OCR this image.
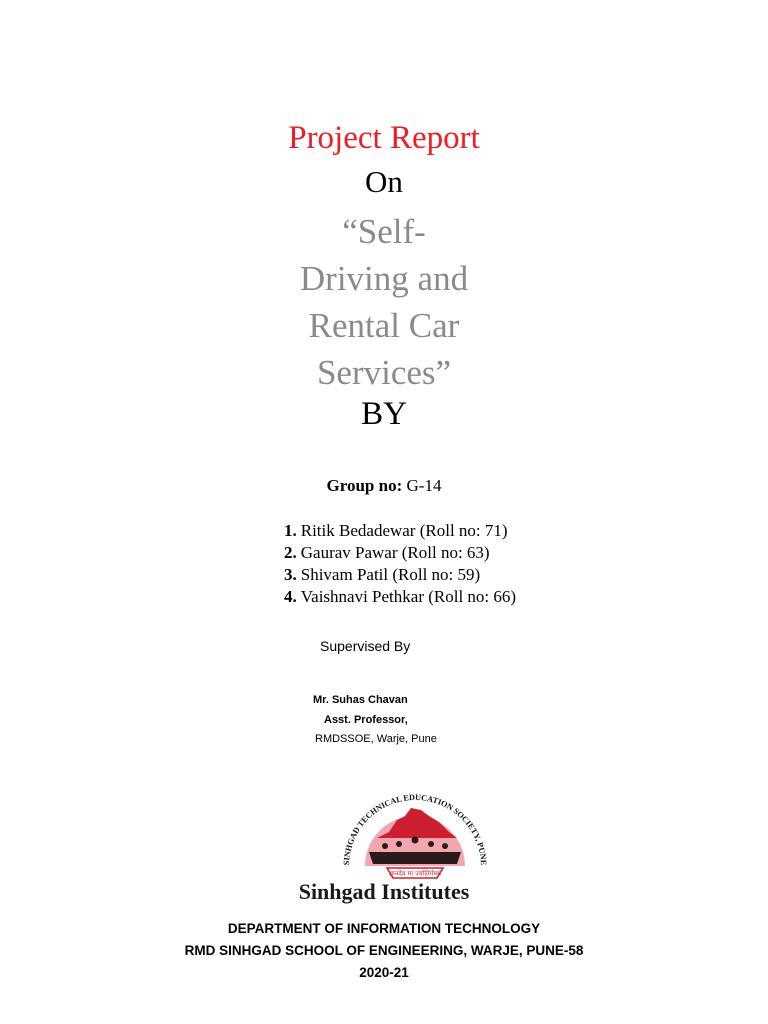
Project Report
On
“Self-
Driving and
Rental Car
Services”
BY
Group no: G-14
1. Ritik Bedadewar (Roll no: 71)
2. Gaurav Pawar (Roll no: 63)
3. Shivam Patil (Roll no: 59)
4. Vaishnavi Pethkar (Roll no: 66)
Supervised By
Mr. Suhas Chavan
Asst. Professor,
RMDSSOE, Warje, Pune
SINHGAD TECHNICAL EDUCATION SOCIETY, PUNE
ज्ञानदेव मा ज्योतिर्गमय
Sinhgad Institutes
DEPARTMENT OF INFORMATION TECHNOLOGY
RMD SINHGAD SCHOOL OF ENGINEERING, WARJE, PUNE-58
2020-21
